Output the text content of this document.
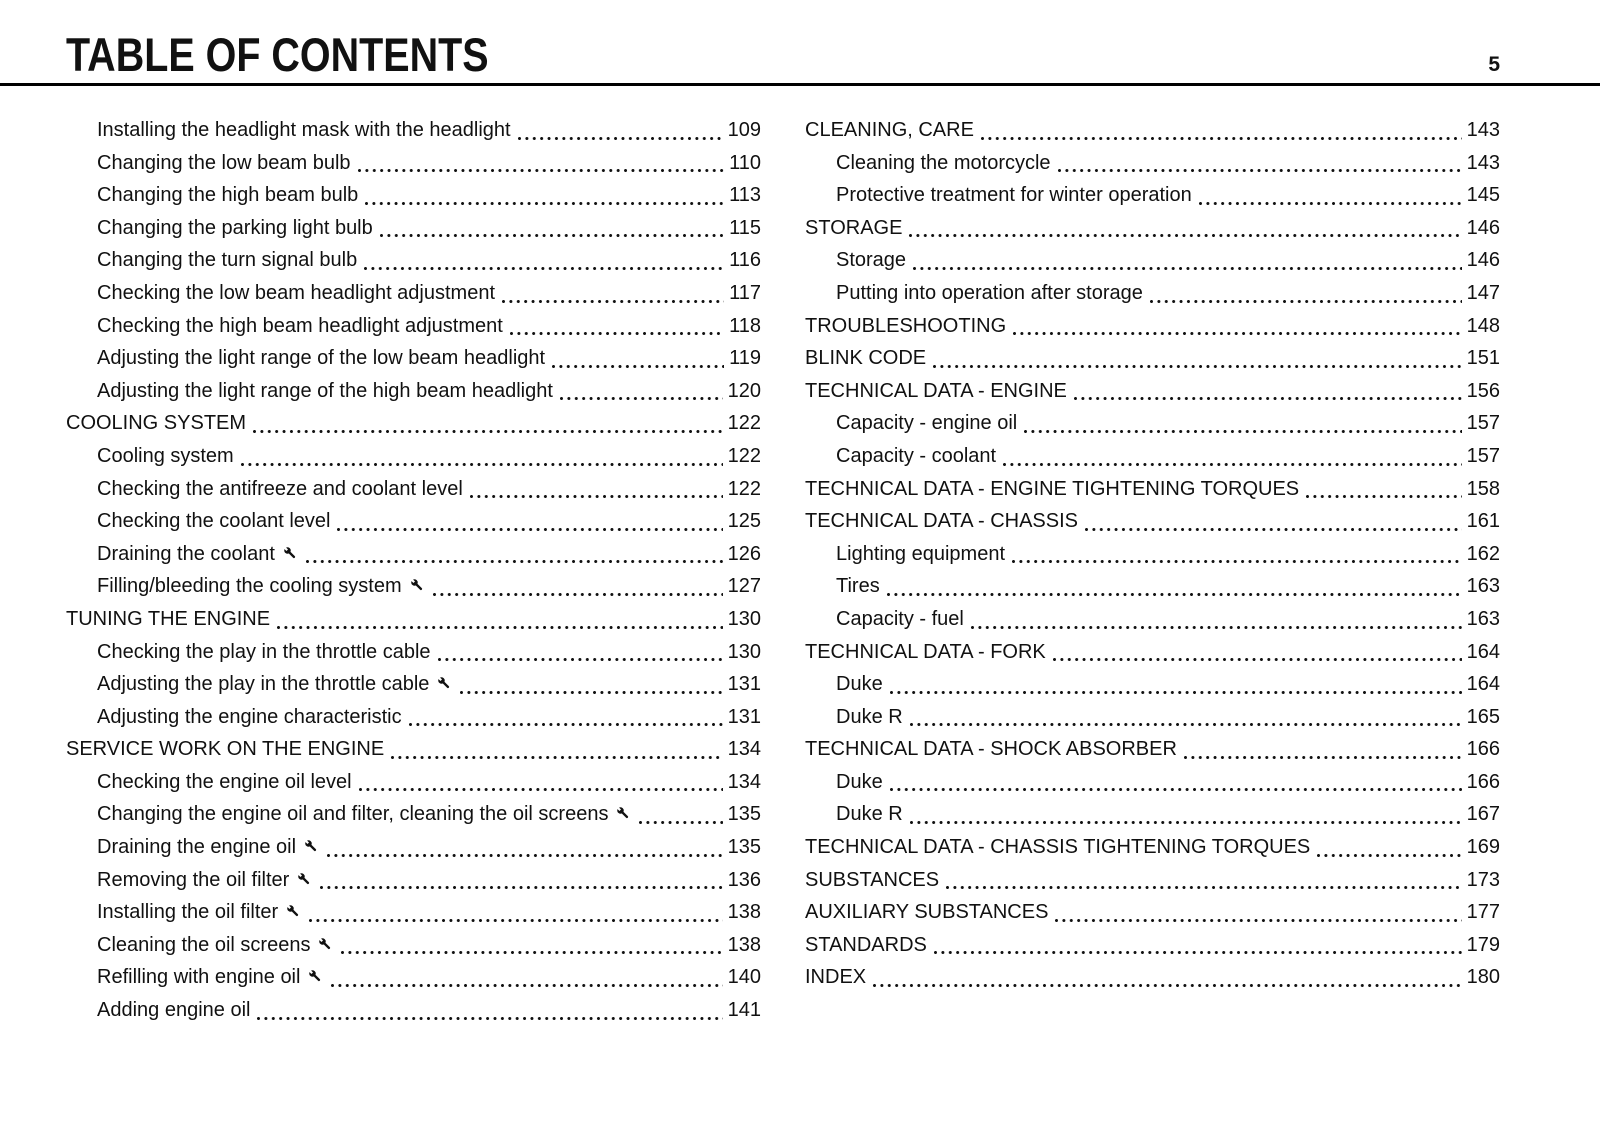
TABLE OF CONTENTS	5
Installing the headlight mask with the headlight	109
Changing the low beam bulb	110
Changing the high beam bulb	113
Changing the parking light bulb	115
Changing the turn signal bulb	116
Checking the low beam headlight adjustment	117
Checking the high beam headlight adjustment	118
Adjusting the light range of the low beam headlight	119
Adjusting the light range of the high beam headlight	120
COOLING SYSTEM	122
Cooling system	122
Checking the antifreeze and coolant level	122
Checking the coolant level	125
Draining the coolant	126
Filling/bleeding the cooling system	127
TUNING THE ENGINE	130
Checking the play in the throttle cable	130
Adjusting the play in the throttle cable	131
Adjusting the engine characteristic	131
SERVICE WORK ON THE ENGINE	134
Checking the engine oil level	134
Changing the engine oil and filter, cleaning the oil screens	135
Draining the engine oil	135
Removing the oil filter	136
Installing the oil filter	138
Cleaning the oil screens	138
Refilling with engine oil	140
Adding engine oil	141
CLEANING, CARE	143
Cleaning the motorcycle	143
Protective treatment for winter operation	145
STORAGE	146
Storage	146
Putting into operation after storage	147
TROUBLESHOOTING	148
BLINK CODE	151
TECHNICAL DATA - ENGINE	156
Capacity - engine oil	157
Capacity - coolant	157
TECHNICAL DATA - ENGINE TIGHTENING TORQUES	158
TECHNICAL DATA - CHASSIS	161
Lighting equipment	162
Tires	163
Capacity - fuel	163
TECHNICAL DATA - FORK	164
Duke	164
Duke R	165
TECHNICAL DATA - SHOCK ABSORBER	166
Duke	166
Duke R	167
TECHNICAL DATA - CHASSIS TIGHTENING TORQUES	169
SUBSTANCES	173
AUXILIARY SUBSTANCES	177
STANDARDS	179
INDEX	180
